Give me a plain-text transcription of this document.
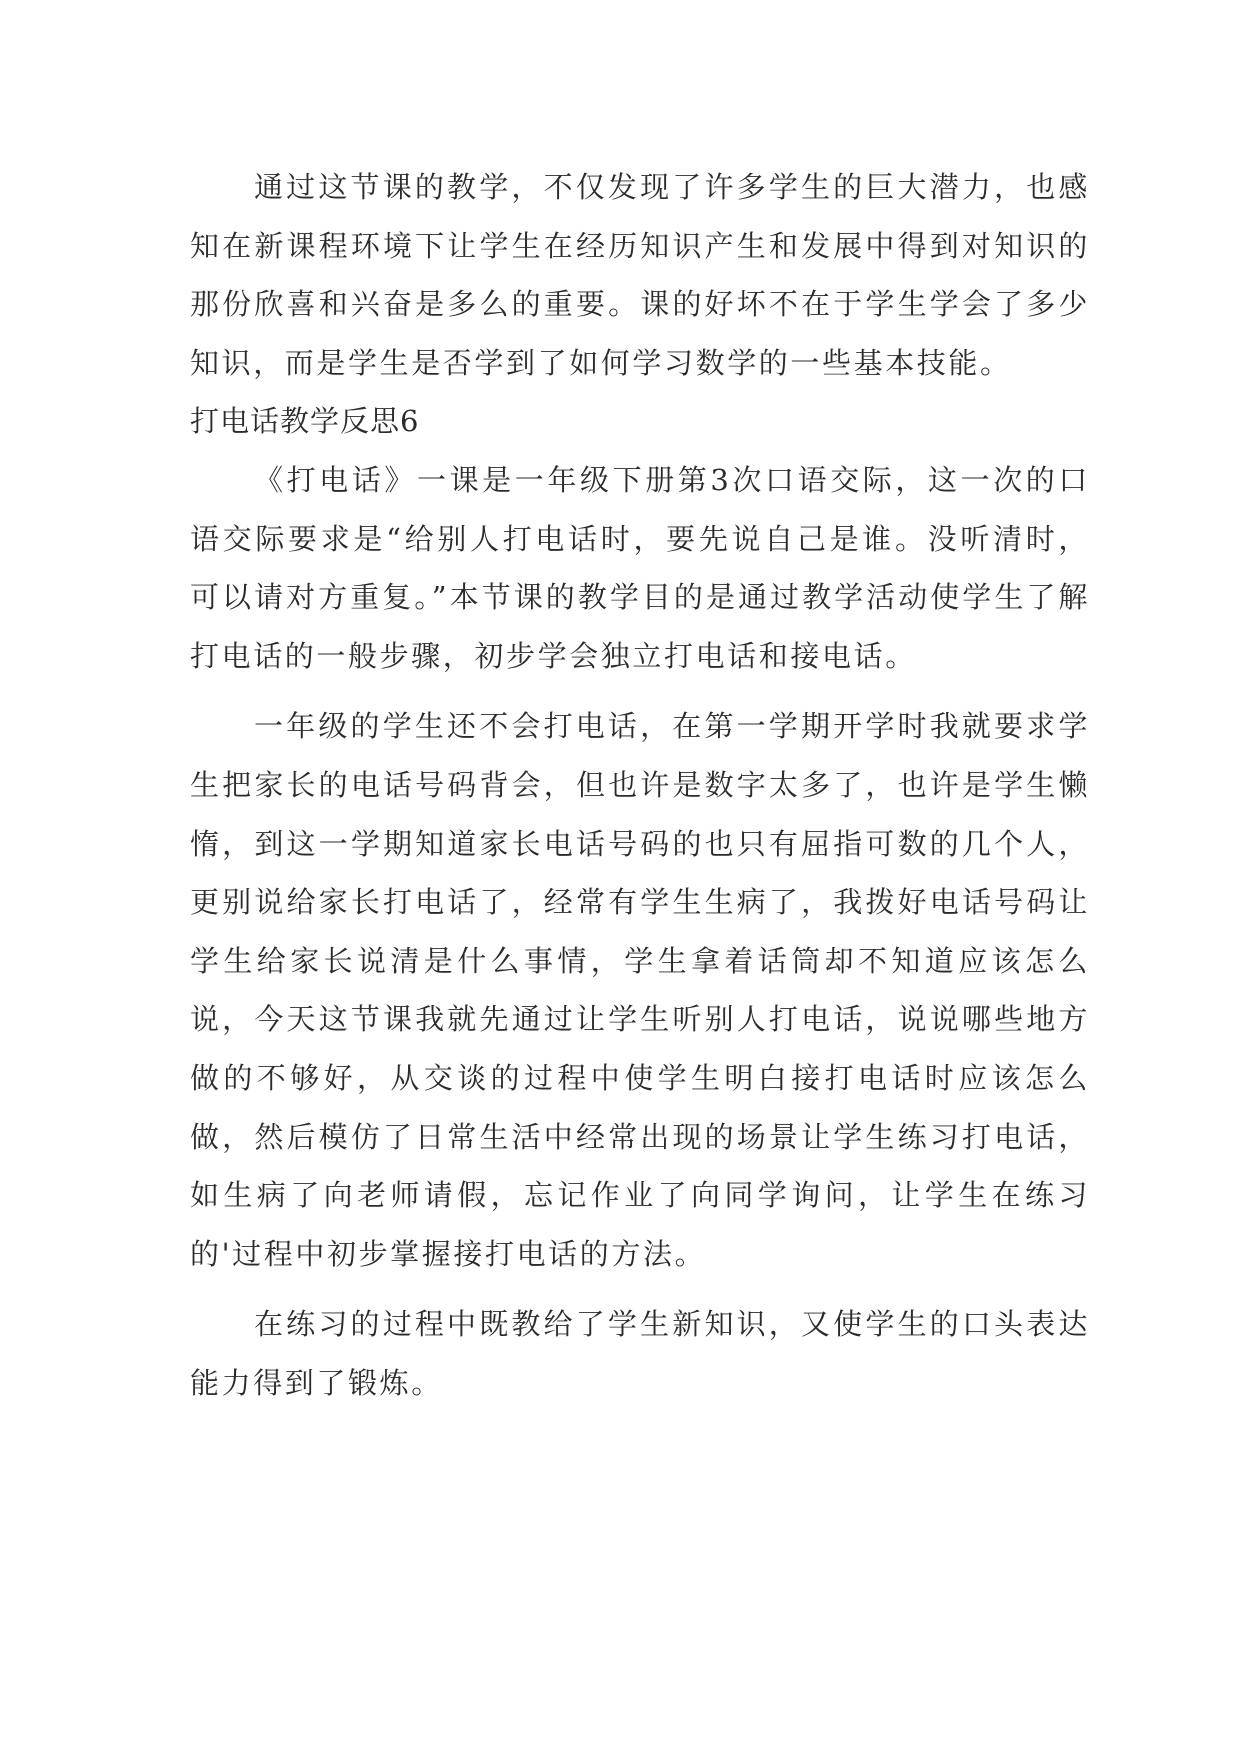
通过这节课的教学，不仅发现了许多学生的巨大潜力，也感知在新课程环境下让学生在经历知识产生和发展中得到对知识的那份欣喜和兴奋是多么的重要。课的好坏不在于学生学会了多少知识，而是学生是否学到了如何学习数学的一些基本技能。

打电话教学反思6

《打电话》一课是一年级下册第3次口语交际，这一次的口语交际要求是“给别人打电话时，要先说自己是谁。没听清时，可以请对方重复。”本节课的教学目的是通过教学活动使学生了解打电话的一般步骤，初步学会独立打电话和接电话。

一年级的学生还不会打电话，在第一学期开学时我就要求学生把家长的电话号码背会，但也许是数字太多了，也许是学生懒惰，到这一学期知道家长电话号码的也只有屈指可数的几个人，更别说给家长打电话了，经常有学生生病了，我拨好电话号码让学生给家长说清是什么事情，学生拿着话筒却不知道应该怎么说，今天这节课我就先通过让学生听别人打电话，说说哪些地方做的不够好，从交谈的过程中使学生明白接打电话时应该怎么做，然后模仿了日常生活中经常出现的场景让学生练习打电话，如生病了向老师请假，忘记作业了向同学询问，让学生在练习的'过程中初步掌握接打电话的方法。

在练习的过程中既教给了学生新知识，又使学生的口头表达能力得到了锻炼。
